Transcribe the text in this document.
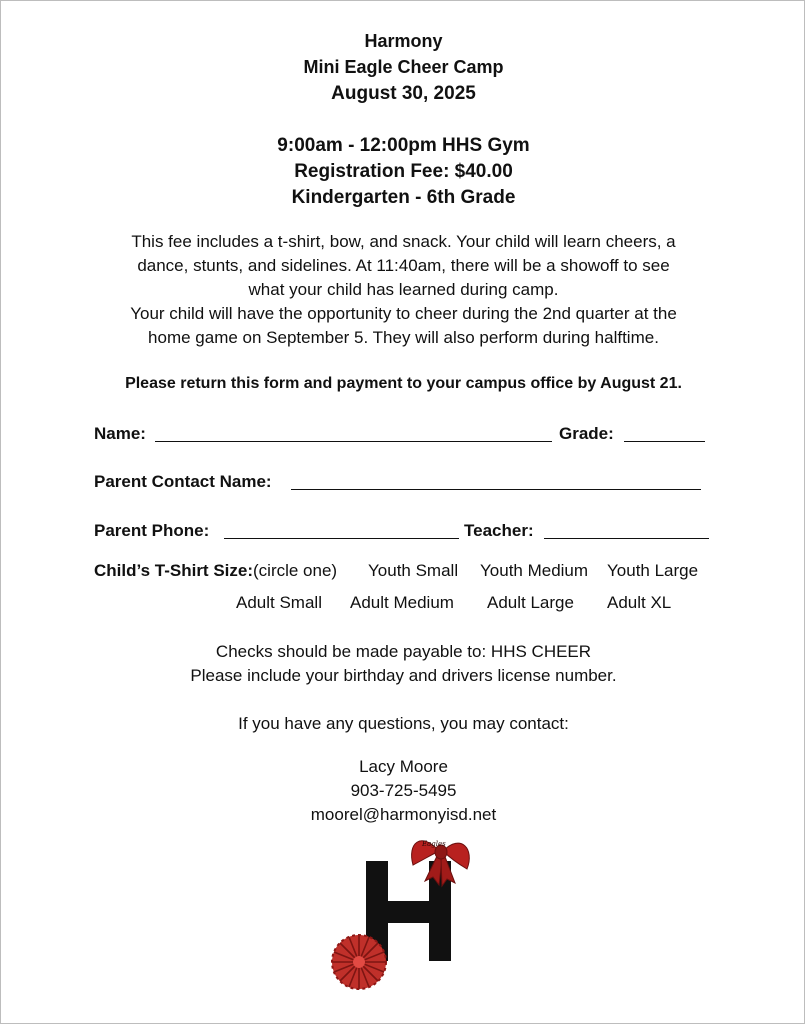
Harmony
Mini Eagle Cheer Camp
August 30, 2025
9:00am - 12:00pm HHS Gym
Registration Fee: $40.00
Kindergarten - 6th Grade
This fee includes a t-shirt, bow, and snack. Your child will learn cheers, a
dance, stunts, and sidelines. At 11:40am, there will be a showoff to see
what your child has learned during camp.
Your child will have the opportunity to cheer during the 2nd quarter at the
home game on September 5. They will also perform during halftime.
Please return this form and payment to your campus office by August 21.
Name:	Grade:
Parent Contact Name:
Parent Phone:	Teacher:
Child’s T-Shirt Size:(circle one) Youth Small Youth Medium Youth Large
Adult Small Adult Medium Adult Large Adult XL
Checks should be made payable to: HHS CHEER
Please include your birthday and drivers license number.
If you have any questions, you may contact:
Lacy Moore
903-725-5495
moorel@harmonyisd.net
Eagles
